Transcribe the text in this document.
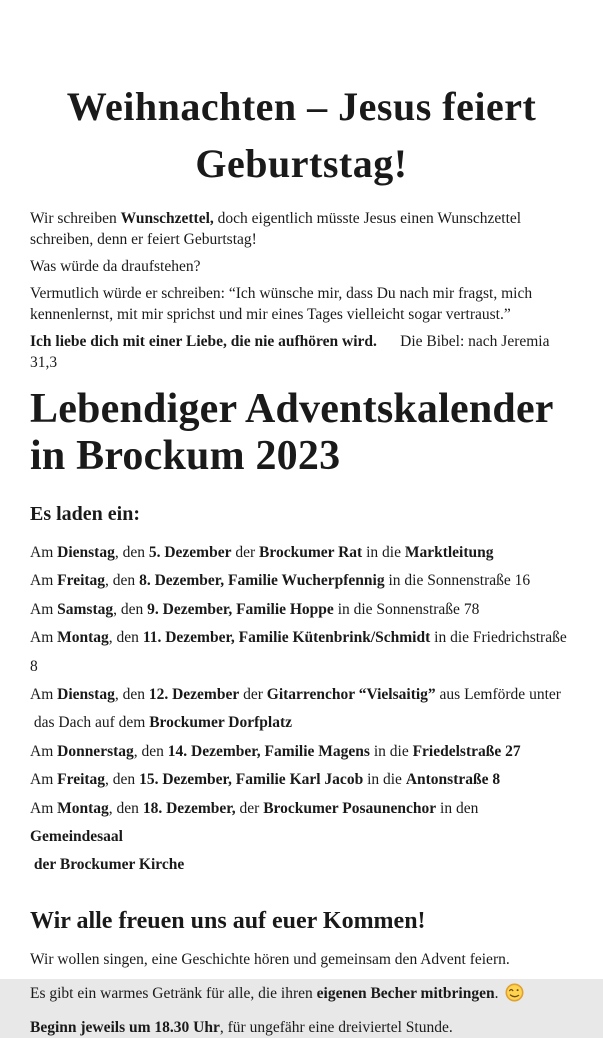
Weihnachten – Jesus feiert
Geburtstag!

Wir schreiben Wunschzettel, doch eigentlich müsste Jesus einen Wunschzettel schreiben, denn er feiert Geburtstag!

Was würde da draufstehen?

Vermutlich würde er schreiben: “Ich wünsche mir, dass Du nach mir fragst, mich kennenlernst, mit mir sprichst und mir eines Tages vielleicht sogar vertraust.”

Ich liebe dich mit einer Liebe, die nie aufhören wird.      Die Bibel: nach Jeremia 31,3

Lebendiger Adventskalender
in Brockum 2023
Es laden ein:

Am Dienstag, den 5. Dezember der Brockumer Rat in die Marktleitung

Am Freitag, den 8. Dezember, Familie Wucherpfennig in die Sonnenstraße 16

Am Samstag, den 9. Dezember, Familie Hoppe in die Sonnenstraße 78

Am Montag, den 11. Dezember, Familie Kütenbrink/Schmidt in die Friedrichstraße 8

Am Dienstag, den 12. Dezember der Gitarrenchor “Vielsaitig” aus Lemförde unter

das Dach auf dem Brockumer Dorfplatz

Am Donnerstag, den 14. Dezember, Familie Magens in die Friedelstraße 27

Am Freitag, den 15. Dezember, Familie Karl Jacob in die Antonstraße 8

Am Montag, den 18. Dezember, der Brockumer Posaunenchor in den Gemeindesaal

der Brockumer Kirche

Wir alle freuen uns auf euer Kommen!

Wir wollen singen, eine Geschichte hören und gemeinsam den Advent feiern.

Es gibt ein warmes Getränk für alle, die ihren eigenen Becher mitbringen.

Beginn jeweils um 18.30 Uhr, für ungefähr eine dreiviertel Stunde.
